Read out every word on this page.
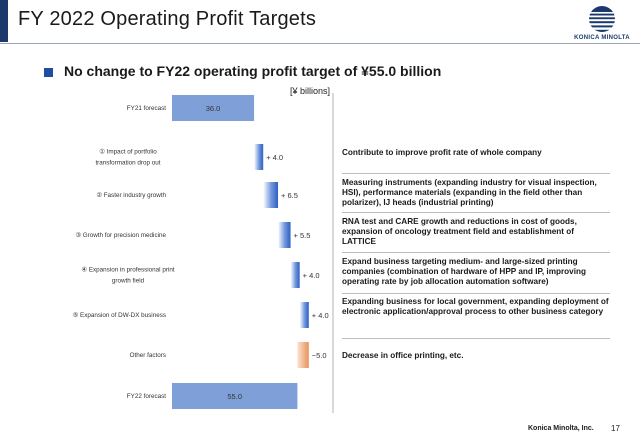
FY 2022 Operating Profit Targets
KONICA MINOLTA
No change to FY22 operating profit target of ¥55.0 billion
[¥ billions]
FY21 forecast
① Impact of portfolio
transformation drop out
② Faster industry growth
③ Growth for precision medicine
④ Expansion in professional print
growth field
⑤ Expansion of DW-DX business
Other factors
FY22 forecast
36.0
+ 4.0
+ 6.5
+ 5.5
+ 4.0
+ 4.0
−5.0
55.0
Contribute to improve profit rate of whole company
Measuring instruments (expanding industry for visual inspection, HSI), performance materials (expanding in the field other than polarizer), IJ heads (industrial printing)
RNA test and CARE growth and reductions in cost of goods, expansion of oncology treatment field and establishment of LATTICE
Expand business targeting medium- and large-sized printing companies (combination of hardware of HPP and IP, improving operating rate by job allocation automation software)
Expanding business for local government, expanding deployment of electronic application/approval process to other business category
Decrease in office printing, etc.
Konica Minolta, Inc. 17
